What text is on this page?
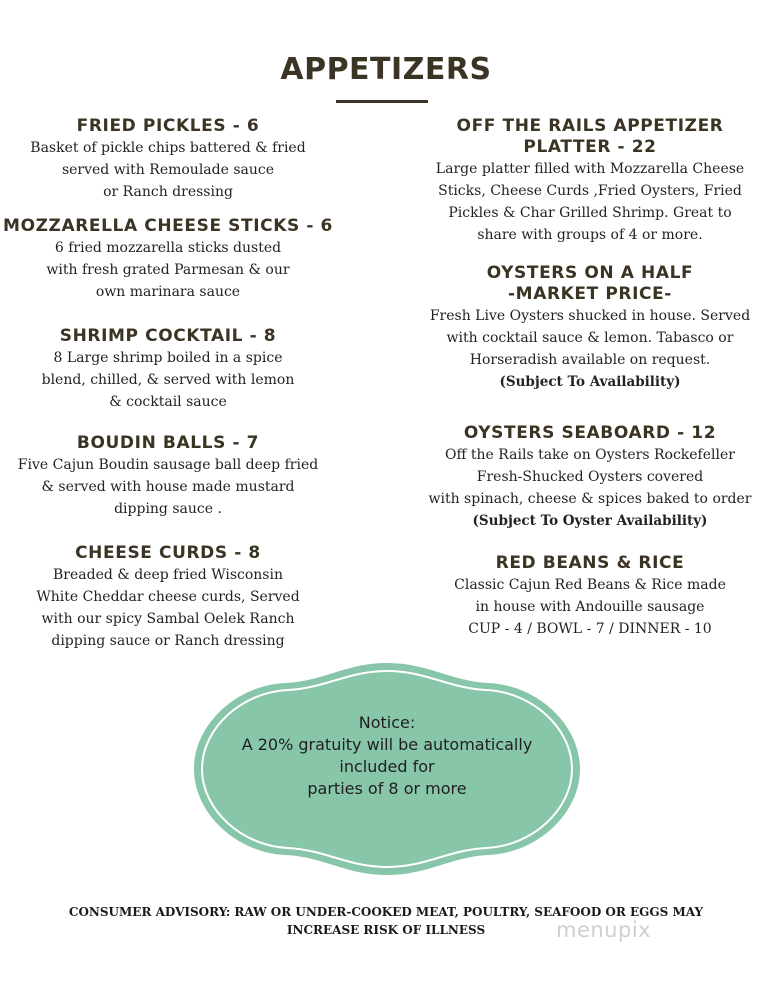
APPETIZERS
FRIED PICKLES - 6
Basket of pickle chips battered & fried
served with Remoulade sauce
or Ranch dressing
MOZZARELLA CHEESE STICKS - 6
6 fried mozzarella sticks dusted
with fresh grated Parmesan & our
own marinara sauce
SHRIMP COCKTAIL - 8
8 Large shrimp boiled in a spice
blend, chilled, & served with lemon
& cocktail sauce
BOUDIN BALLS - 7
Five Cajun Boudin sausage ball deep fried
& served with house made mustard
dipping sauce .
CHEESE CURDS - 8
Breaded & deep fried Wisconsin
White Cheddar cheese curds, Served
with our spicy Sambal Oelek Ranch
dipping sauce or Ranch dressing
OFF THE RAILS APPETIZER
PLATTER - 22
Large platter filled with Mozzarella Cheese
Sticks, Cheese Curds ,Fried Oysters, Fried
Pickles & Char Grilled Shrimp. Great to
share with groups of 4 or more.
OYSTERS ON A HALF
-MARKET PRICE-
Fresh Live Oysters shucked in house. Served
with cocktail sauce & lemon. Tabasco or
Horseradish available on request.
(Subject To Availability)
OYSTERS SEABOARD - 12
Off the Rails take on Oysters Rockefeller
Fresh-Shucked Oysters covered
with spinach, cheese & spices baked to order
(Subject To Oyster Availability)
RED BEANS & RICE
Classic Cajun Red Beans & Rice made
in house with Andouille sausage
CUP - 4 / BOWL - 7 / DINNER - 10
Notice:
A 20% gratuity will be automatically
included for
parties of 8 or more
CONSUMER ADVISORY: RAW OR UNDER-COOKED MEAT, POULTRY, SEAFOOD OR EGGS MAY
INCREASE RISK OF ILLNESS	menupix
